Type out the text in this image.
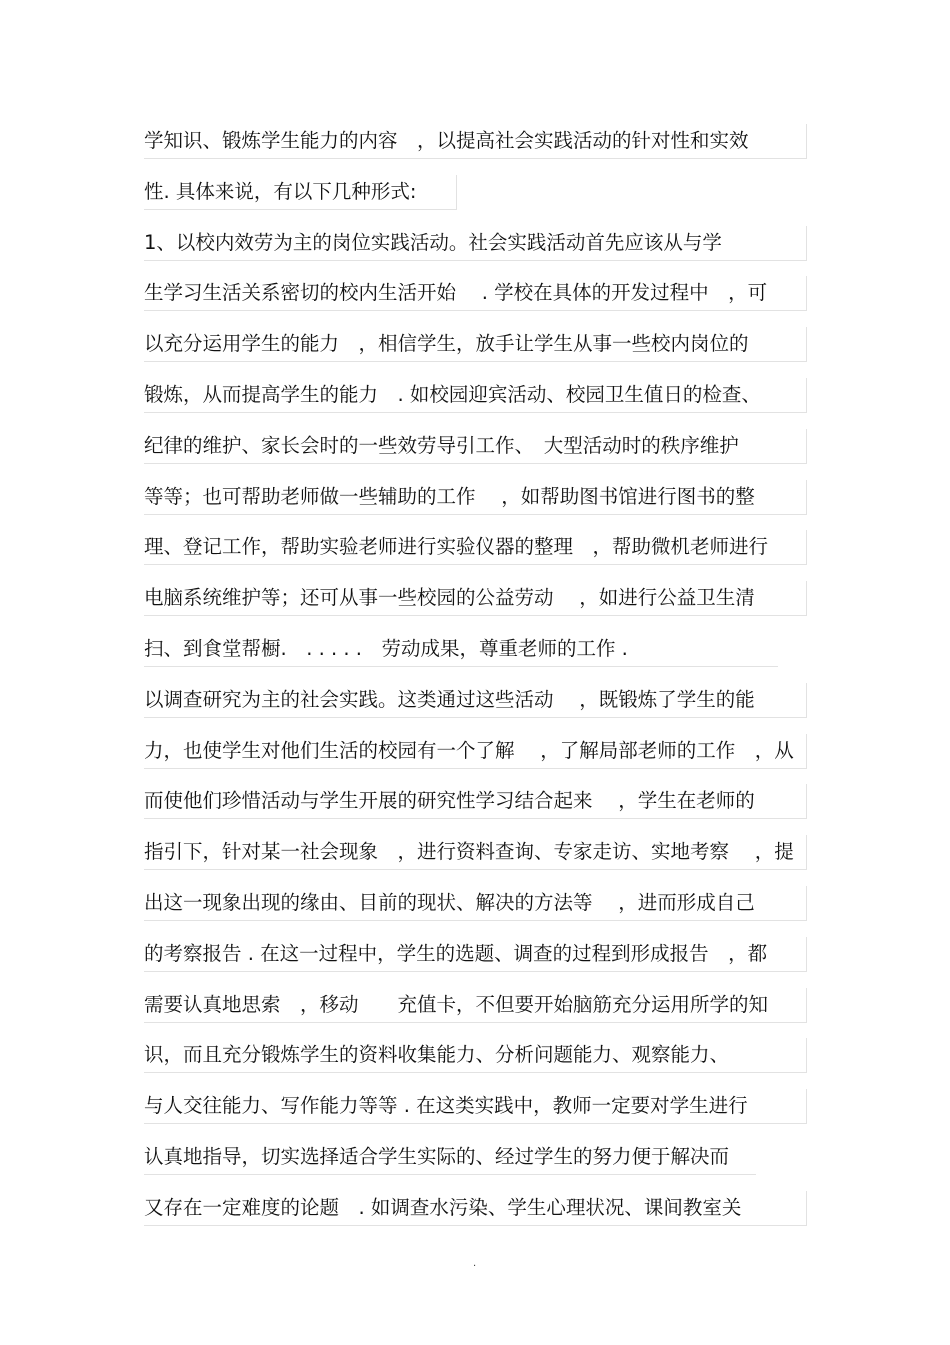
学知识、锻炼学生能力的内容　，以提高社会实践活动的针对性和实效
性. 具体来说，有以下几种形式:
1、以校内效劳为主的岗位实践活动。社会实践活动首先应该从与学
生学习生活关系密切的校内生活开始　 . 学校在具体的开发过程中　，可
以充分运用学生的能力　，相信学生，放手让学生从事一些校内岗位的
锻炼，从而提高学生的能力　. 如校园迎宾活动、校园卫生值日的检查、
纪律的维护、家长会时的一些效劳导引工作、　大型活动时的秩序维护
等等；也可帮助老师做一些辅助的工作　 ，如帮助图书馆进行图书的整
理、登记工作，帮助实验老师进行实验仪器的整理　，帮助微机老师进行
电脑系统维护等；还可从事一些校园的公益劳动　 ，如进行公益卫生清
扫、到食堂帮橱.　. . . . .　劳动成果，尊重老师的工作 .
以调查研究为主的社会实践。这类通过这些活动　 ，既锻炼了学生的能
力，也使学生对他们生活的校园有一个了解　 ，了解局部老师的工作　，从
而使他们珍惜活动与学生开展的研究性学习结合起来　 ，学生在老师的
指引下，针对某一社会现象　，进行资料查询、专家走访、实地考察　 ，提
出这一现象出现的缘由、目前的现状、解决的方法等　 ，进而形成自己
的考察报告 . 在这一过程中，学生的选题、调查的过程到形成报告　，都
需要认真地思索　，移动　　充值卡，不但要开始脑筋充分运用所学的知
识，而且充分锻炼学生的资料收集能力、分析问题能力、观察能力、
与人交往能力、写作能力等等 . 在这类实践中，教师一定要对学生进行
认真地指导，切实选择适合学生实际的、经过学生的努力便于解决而
又存在一定难度的论题　. 如调查水污染、学生心理状况、课间教室关
.
